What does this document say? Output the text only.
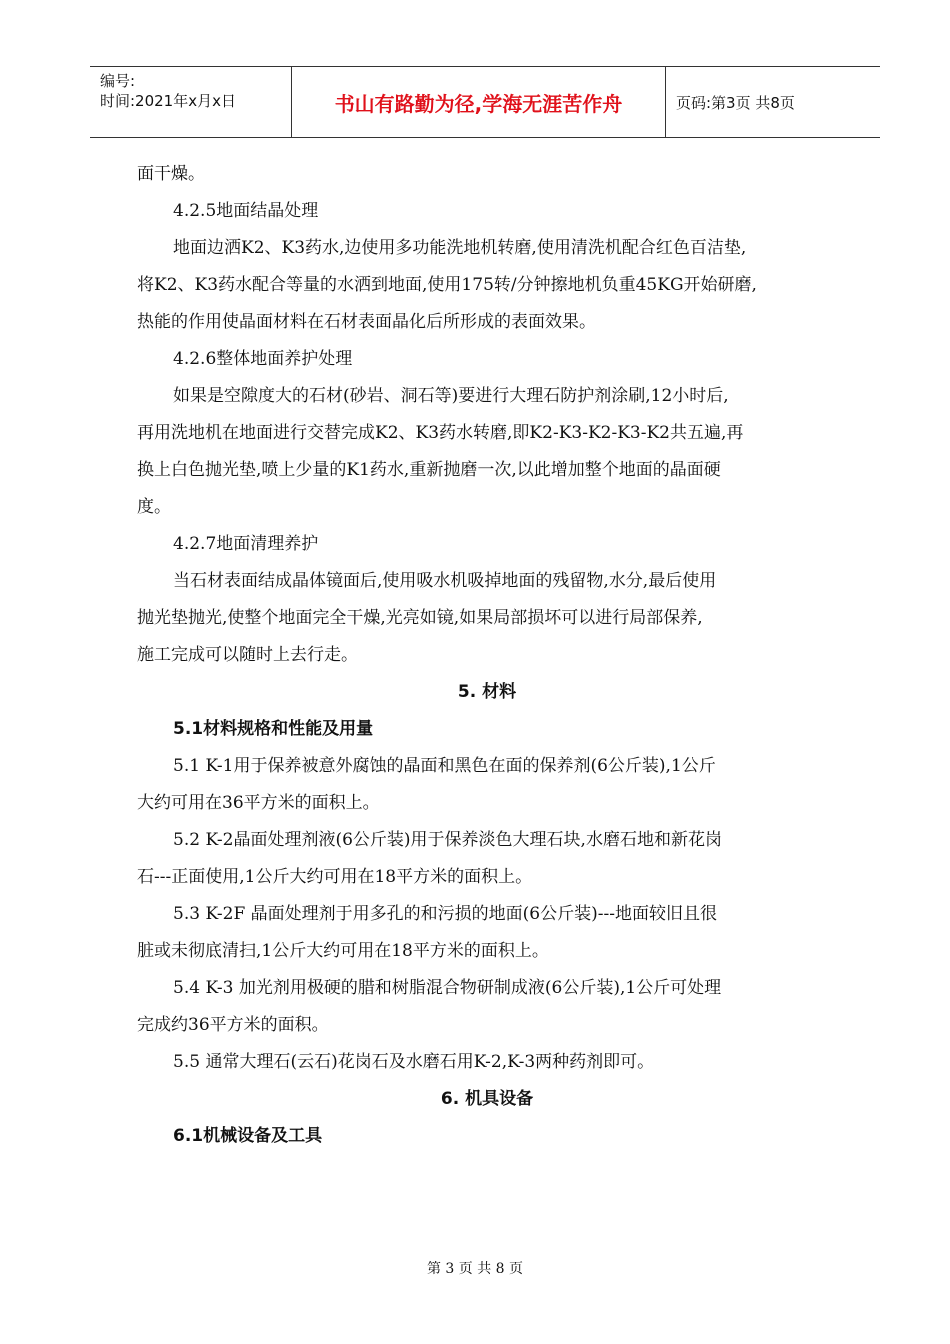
编号:
时间:2021年x月x日	书山有路勤为径,学海无涯苦作舟	页码:第3页 共8页
面干燥。
4.2.5地面结晶处理
地面边洒K2、K3药水,边使用多功能洗地机转磨,使用清洗机配合红色百洁垫,
将K2、K3药水配合等量的水洒到地面,使用175转/分钟擦地机负重45KG开始研磨,
热能的作用使晶面材料在石材表面晶化后所形成的表面效果。
4.2.6整体地面养护处理
如果是空隙度大的石材(砂岩、洞石等)要进行大理石防护剂涂刷,12小时后,
再用洗地机在地面进行交替完成K2、K3药水转磨,即K2-K3-K2-K3-K2共五遍,再
换上白色抛光垫,喷上少量的K1药水,重新抛磨一次,以此增加整个地面的晶面硬
度。
4.2.7地面清理养护
当石材表面结成晶体镜面后,使用吸水机吸掉地面的残留物,水分,最后使用
抛光垫抛光,使整个地面完全干燥,光亮如镜,如果局部损坏可以进行局部保养,
施工完成可以随时上去行走。
5. 材料
5.1材料规格和性能及用量
5.1 K-1用于保养被意外腐蚀的晶面和黑色在面的保养剂(6公斤装),1公斤
大约可用在36平方米的面积上。
5.2 K-2晶面处理剂液(6公斤装)用于保养淡色大理石块,水磨石地和新花岗
石---正面使用,1公斤大约可用在18平方米的面积上。
5.3 K-2F 晶面处理剂于用多孔的和污损的地面(6公斤装)---地面较旧且很
脏或未彻底清扫,1公斤大约可用在18平方米的面积上。
5.4 K-3 加光剂用极硬的腊和树脂混合物研制成液(6公斤装),1公斤可处理
完成约36平方米的面积。
5.5 通常大理石(云石)花岗石及水磨石用K-2,K-3两种药剂即可。
6. 机具设备
6.1机械设备及工具
第 3 页 共 8 页
